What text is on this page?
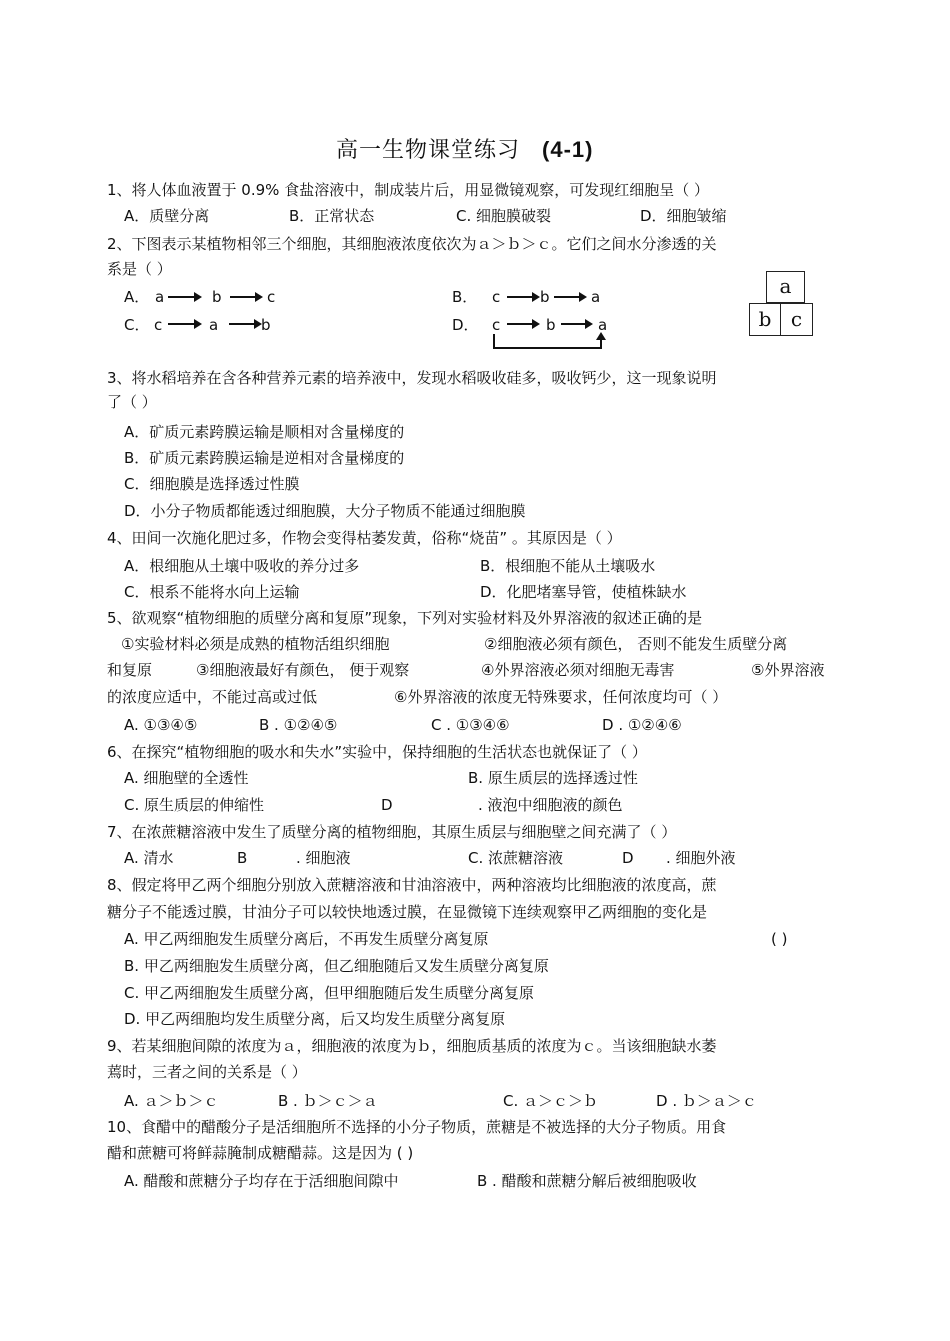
高一生物课堂练习 (4-1)
1、将人体血液置于 0.9% 食盐溶液中，制成装片后，用显微镜观察，可发现红细胞呈（ ）
A．质壁分离	B．正常状态	C. 细胞膜破裂	D．细胞皱缩
2、下图表示某植物相邻三个细胞，其细胞液浓度依次为ａ＞ｂ＞ｃ。它们之间水分渗透的关
系是（ ）
A． a	b	c	B． c	b	a
C． c	a	b	D． c	b	a
a
b c
3、将水稻培养在含各种营养元素的培养液中，发现水稻吸收硅多，吸收钙少，这一现象说明
了（ ）
A．矿质元素跨膜运输是顺相对含量梯度的
B．矿质元素跨膜运输是逆相对含量梯度的
C．细胞膜是选择透过性膜
D．小分子物质都能透过细胞膜，大分子物质不能通过细胞膜
4、田间一次施化肥过多，作物会变得枯萎发黄，俗称“烧苗” 。其原因是（ ）
A．根细胞从土壤中吸收的养分过多	B．根细胞不能从土壤吸水
C．根系不能将水向上运输	D．化肥堵塞导管，使植株缺水
5、欲观察“植物细胞的质壁分离和复原”现象，下列对实验材料及外界溶液的叙述正确的是
①实验材料必须是成熟的植物活组织细胞	②细胞液必须有颜色， 否则不能发生质壁分离
和复原	③细胞液最好有颜色， 便于观察	④外界溶液必须对细胞无毒害	⑤外界溶液
的浓度应适中，不能过高或过低	⑥外界溶液的浓度无特殊要求，任何浓度均可（ ）
A. ①③④⑤	B . ①②④⑤	C . ①③④⑥	D . ①②④⑥
6、在探究“植物细胞的吸水和失水”实验中，保持细胞的生活状态也就保证了（ ）
A. 细胞壁的全透性	B. 原生质层的选择透过性
C. 原生质层的伸缩性	D	. 液泡中细胞液的颜色
7、在浓蔗糖溶液中发生了质壁分离的植物细胞，其原生质层与细胞壁之间充满了（ ）
A. 清水	B	. 细胞液	C. 浓蔗糖溶液	D . 细胞外液
8、假定将甲乙两个细胞分别放入蔗糖溶液和甘油溶液中，两种溶液均比细胞液的浓度高，蔗
糖分子不能透过膜，甘油分子可以较快地透过膜，在显微镜下连续观察甲乙两细胞的变化是
A. 甲乙两细胞发生质壁分离后，不再发生质壁分离复原	( )
B. 甲乙两细胞发生质壁分离，但乙细胞随后又发生质壁分离复原
C. 甲乙两细胞发生质壁分离，但甲细胞随后发生质壁分离复原
D. 甲乙两细胞均发生质壁分离，后又均发生质壁分离复原
9、若某细胞间隙的浓度为ａ，细胞液的浓度为ｂ，细胞质基质的浓度为ｃ。当该细胞缺水萎
蔫时，三者之间的关系是（ ）
A. ａ＞ｂ＞ｃ	B . ｂ＞ｃ＞ａ	C. ａ＞ｃ＞ｂ	D . ｂ＞ａ＞ｃ
10、食醋中的醋酸分子是活细胞所不选择的小分子物质，蔗糖是不被选择的大分子物质。用食
醋和蔗糖可将鲜蒜腌制成糖醋蒜。这是因为 ( )
A. 醋酸和蔗糖分子均存在于活细胞间隙中	B . 醋酸和蔗糖分解后被细胞吸收
